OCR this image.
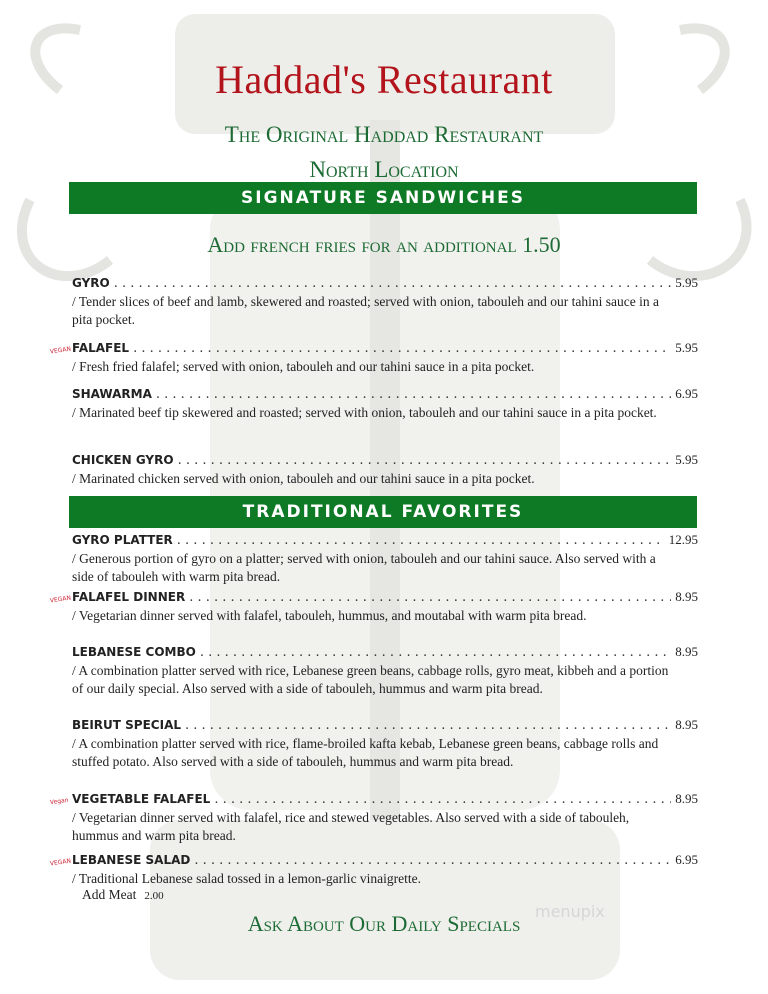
Haddad's Restaurant
The Original Haddad Restaurant
North Location
SIGNATURE SANDWICHES
Add french fries for an additional 1.50
GYRO . . .	5.95
/ Tender slices of beef and lamb, skewered and roasted; served with onion, tabouleh and our tahini sauce in a pita pocket.
VEGAN FALAFEL . . .	5.95
/ Fresh fried falafel; served with onion, tabouleh and our tahini sauce in a pita pocket.
SHAWARMA . . .	6.95
/ Marinated beef tip skewered and roasted; served with onion, tabouleh and our tahini sauce in a pita pocket.
CHICKEN GYRO . . .	5.95
/ Marinated chicken served with onion, tabouleh and our tahini sauce in a pita pocket.
TRADITIONAL FAVORITES
GYRO PLATTER . . .	12.95
/ Generous portion of gyro on a platter; served with onion, tabouleh and our tahini sauce. Also served with a side of tabouleh with warm pita bread.
VEGAN FALAFEL DINNER . . .	8.95
/ Vegetarian dinner served with falafel, tabouleh, hummus, and moutabal with warm pita bread.
LEBANESE COMBO . . .	8.95
/ A combination platter served with rice, Lebanese green beans, cabbage rolls, gyro meat, kibbeh and a portion of our daily special. Also served with a side of tabouleh, hummus and warm pita bread.
BEIRUT SPECIAL . . .	8.95
/ A combination platter served with rice, flame-broiled kafta kebab, Lebanese green beans, cabbage rolls and stuffed potato. Also served with a side of tabouleh, hummus and warm pita bread.
Vegan VEGETABLE FALAFEL . . .	8.95
/ Vegetarian dinner served with falafel, rice and stewed vegetables. Also served with a side of tabouleh, hummus and warm pita bread.
VEGAN LEBANESE SALAD . . .	6.95
/ Traditional Lebanese salad tossed in a lemon-garlic vinaigrette.
Add Meat 2.00
Ask About Our Daily Specials menupix
